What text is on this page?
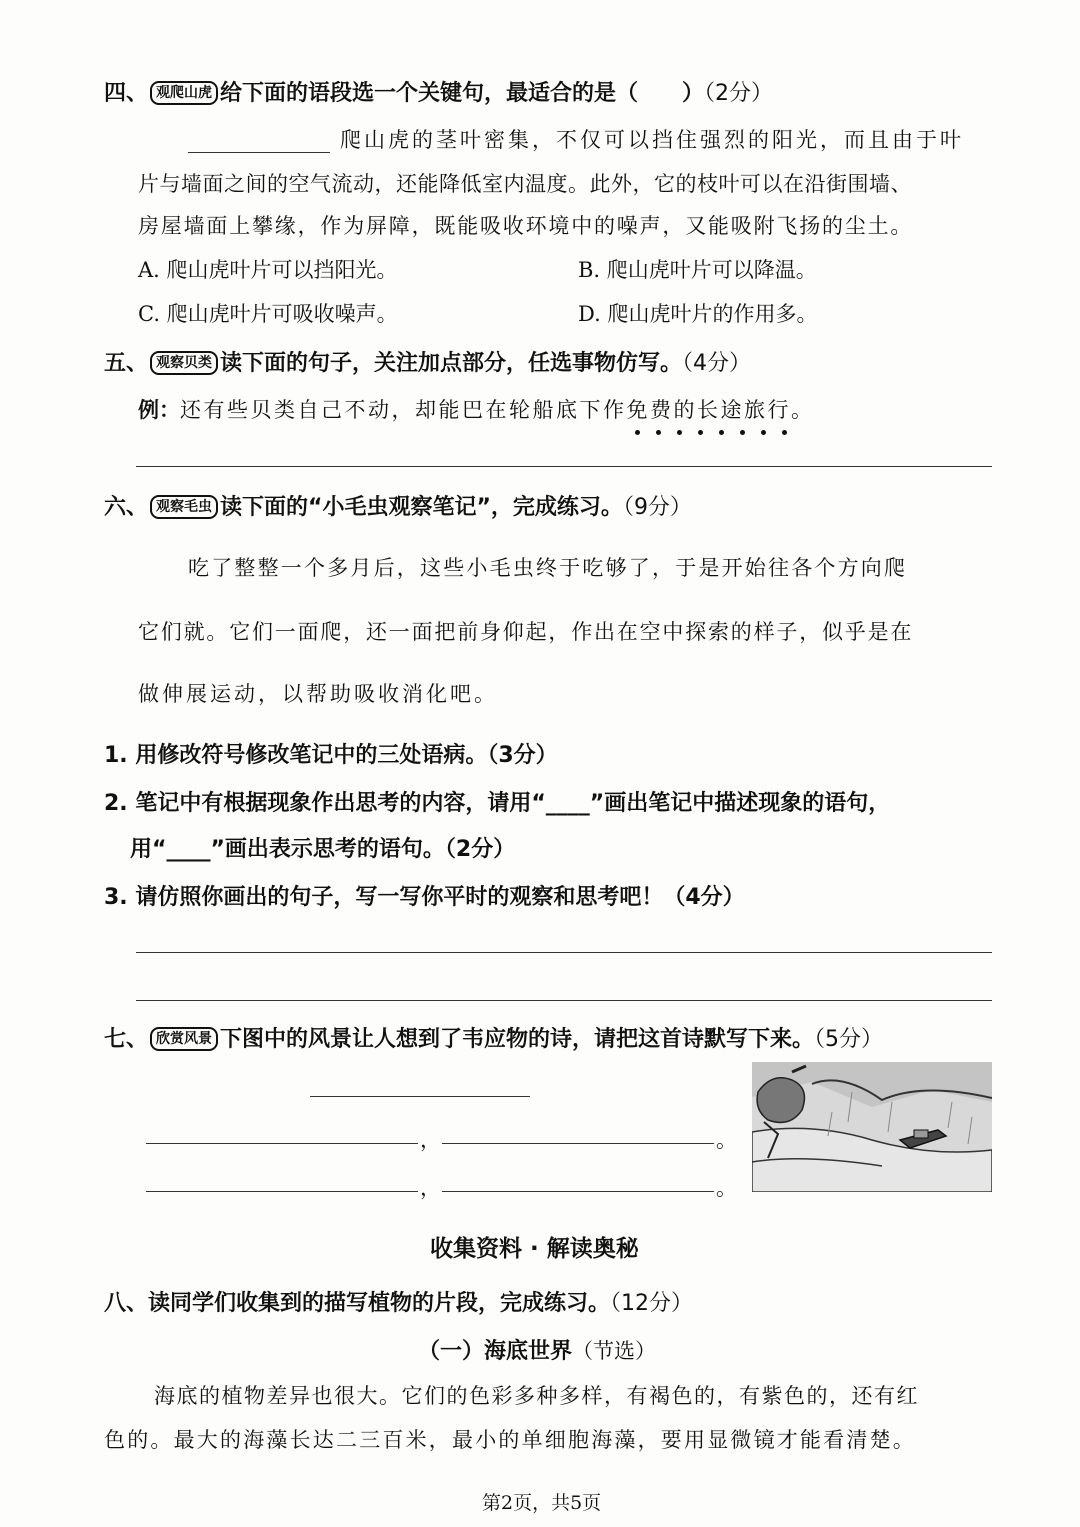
四、 观爬山虎 给下面的语段选一个关键句，最适合的是（　　）（2分）
爬山虎的茎叶密集，不仅可以挡住强烈的阳光，而且由于叶
片与墙面之间的空气流动，还能降低室内温度。此外，它的枝叶可以在沿街围墙、
房屋墙面上攀缘，作为屏障，既能吸收环境中的噪声，又能吸附飞扬的尘土。
A. 爬山虎叶片可以挡阳光。	B. 爬山虎叶片可以降温。
C. 爬山虎叶片可吸收噪声。	D. 爬山虎叶片的作用多。
五、 观察贝类 读下面的句子，关注加点部分，任选事物仿写。（4分）
例：还有些贝类自己不动，却能巴在轮船底下作免费的长途旅行。
六、 观察毛虫 读下面的“小毛虫观察笔记”，完成练习。（9分）
吃了整整一个多月后，这些小毛虫终于吃够了，于是开始往各个方向爬
它们就。它们一面爬，还一面把前身仰起，作出在空中探索的样子，似乎是在
做伸展运动，以帮助吸收消化吧。
1. 用修改符号修改笔记中的三处语病。（3分）
2. 笔记中有根据现象作出思考的内容，请用“____”画出笔记中描述现象的语句，
用“____”画出表示思考的语句。（2分）
3. 请仿照你画出的句子，写一写你平时的观察和思考吧！（4分）
七、 欣赏风景 下图中的风景让人想到了韦应物的诗，请把这首诗默写下来。（5分）
，	。
，	。
收集资料 · 解读奥秘
八、读同学们收集到的描写植物的片段，完成练习。（12分）
（一）海底世界（节选）
海底的植物差异也很大。它们的色彩多种多样，有褐色的，有紫色的，还有红
色的。最大的海藻长达二三百米，最小的单细胞海藻，要用显微镜才能看清楚。
第2页，共5页
